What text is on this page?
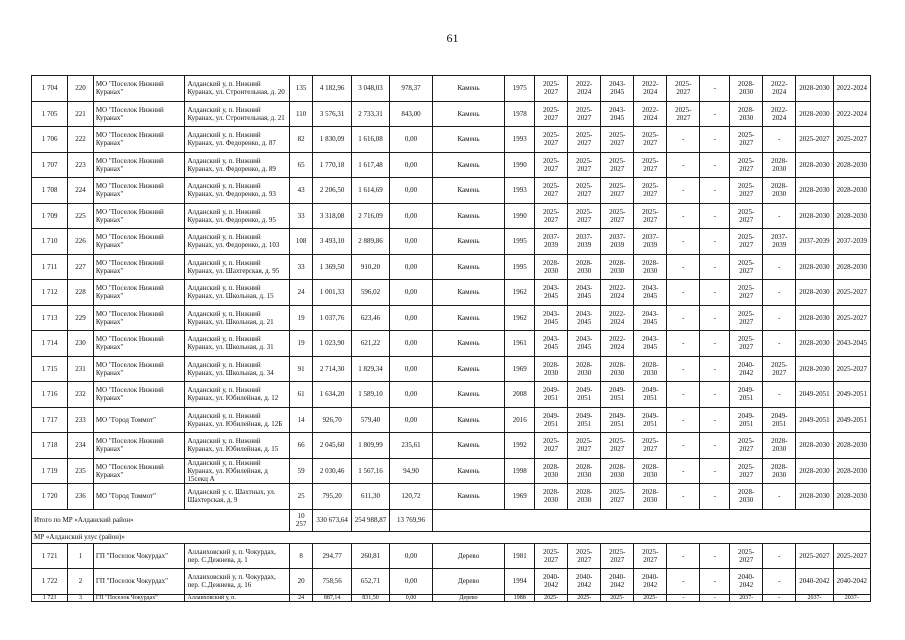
61
1 704	220	МО "Поселок Нижний Куранах"	Алданский у, п. Нижний Куранах, ул. Строительная, д. 20	135	4 182,96	3 048,03	978,37	Камень	1975	2025-2027	2022-2024	2043-2045	2022-2024	2025-2027	-	2028-2030	2022-2024	2028-2030	2022-2024
1 705	221	МО "Поселок Нижний Куранах"	Алданский у, п. Нижний Куранах, ул. Строительная, д. 21	110	3 576,31	2 733,31	843,00	Камень	1978	2025-2027	2025-2027	2043-2045	2022-2024	2025-2027	-	2028-2030	2022-2024	2028-2030	2022-2024
1 706	222	МО "Поселок Нижний Куранах"	Алданский у, п. Нижний Куранах, ул. Федоренко, д. 87	82	1 830,09	1 616,08	0,00	Камень	1993	2025-2027	2025-2027	2025-2027	2025-2027	-	-	2025-2027	-	2025-2027	2025-2027
1 707	223	МО "Поселок Нижний Куранах"	Алданский у, п. Нижний Куранах, ул. Федоренко, д. 89	65	1 770,18	1 617,48	0,00	Камень	1990	2025-2027	2025-2027	2025-2027	2025-2027	-	-	2025-2027	2028-2030	2028-2030	2028-2030
1 708	224	МО "Поселок Нижний Куранах"	Алданский у, п. Нижний Куранах, ул. Федоренко, д. 93	43	2 206,50	1 614,69	0,00	Камень	1993	2025-2027	2025-2027	2025-2027	2025-2027	-	-	2025-2027	2028-2030	2028-2030	2028-2030
1 709	225	МО "Поселок Нижний Куранах"	Алданский у, п. Нижний Куранах, ул. Федоренко, д. 95	33	3 318,08	2 716,09	0,00	Камень	1990	2025-2027	2025-2027	2025-2027	2025-2027	-	-	2025-2027	-	2028-2030	2028-2030
1 710	226	МО "Поселок Нижний Куранах"	Алданский у, п. Нижний Куранах, ул. Федоренко, д. 103	108	3 493,10	2 889,86	0,00	Камень	1995	2037-2039	2037-2039	2037-2039	2037-2039	-	-	2025-2027	2037-2039	2037-2039	2037-2039
1 711	227	МО "Поселок Нижний Куранах"	Алданский у, п. Нижний Куранах, ул. Шахтерская, д. 95	33	1 369,50	910,20	0,00	Камень	1995	2028-2030	2028-2030	2028-2030	2028-2030	-	-	2025-2027	-	2028-2030	2028-2030
1 712	228	МО "Поселок Нижний Куранах"	Алданский у, п. Нижний Куранах, ул. Школьная, д. 15	24	1 001,33	596,02	0,00	Камень	1962	2043-2045	2043-2045	2022-2024	2043-2045	-	-	2025-2027	-	2028-2030	2025-2027
1 713	229	МО "Поселок Нижний Куранах"	Алданский у, п. Нижний Куранах, ул. Школьная, д. 21	19	1 037,76	623,46	0,00	Камень	1962	2043-2045	2043-2045	2022-2024	2043-2045	-	-	2025-2027	-	2028-2030	2025-2027
1 714	230	МО "Поселок Нижний Куранах"	Алданский у, п. Нижний Куранах, ул. Школьная, д. 31	19	1 023,90	621,22	0,00	Камень	1961	2043-2045	2043-2045	2022-2024	2043-2045	-	-	2025-2027	-	2028-2030	2043-2045
1 715	231	МО "Поселок Нижний Куранах"	Алданский у, п. Нижний Куранах, ул. Школьная, д. 34	91	2 714,30	1 829,34	0,00	Камень	1969	2028-2030	2028-2030	2028-2030	2028-2030	-	-	2040-2042	2025-2027	2028-2030	2025-2027
1 716	232	МО "Поселок Нижний Куранах"	Алданский у, п. Нижний Куранах, ул. Юбилейная, д. 12	61	1 634,20	1 589,10	0,00	Камень	2008	2049-2051	2049-2051	2049-2051	2049-2051	-	-	2049-2051	-	2049-2051	2049-2051
1 717	233	МО "Город Томмот"	Алданский у, п. Нижний Куранах, ул. Юбилейная, д. 12Б	14	926,70	579,40	0,00	Камень	2016	2049-2051	2049-2051	2049-2051	2049-2051	-	-	2049-2051	2049-2051	2049-2051	2049-2051
1 718	234	МО "Поселок Нижний Куранах"	Алданский у, п. Нижний Куранах, ул. Юбилейная, д. 15	66	2 045,60	1 809,99	235,61	Камень	1992	2025-2027	2025-2027	2025-2027	2025-2027	-	-	2025-2027	2028-2030	2028-2030	2028-2030
1 719	235	МО "Поселок Нижний Куранах"	Алданский у, п. Нижний Куранах, ул. Юбилейная, д 15секц А	59	2 030,46	1 567,16	94,90	Камень	1998	2028-2030	2028-2030	2028-2030	2028-2030	-	-	2025-2027	2028-2030	2028-2030	2028-2030
1 720	236	МО "Город Томмот"	Алданский у, с. Шахтных, ул. Шахтерская, д. 9	25	795,20	611,30	120,72	Камень	1969	2028-2030	2028-2030	2025-2027	2028-2030	-	-	2028-2030	-	2028-2030	2028-2030
Итого по МР «Алданский район»				10 257	330 673,64	254 988,87	13 769,96												
МР «Алданский улус (район)»																			
1 721	1	ГП "Поселок Чокурдах"	Аллаиховский у, п. Чокурдах, пер. С.Дежнева, д. 1	8	294,77	260,81	0,00	Дерево	1981	2025-2027	2025-2027	2025-2027	2025-2027	-	-	2025-2027	-	2025-2027	2025-2027
1 722	2	ГП "Поселок Чокурдах"	Аллаиховский у, п. Чокурдах, пер. С.Дежнева, д. 16	20	758,56	652,71	0,00	Дерево	1994	2040-2042	2040-2042	2040-2042	2040-2042	-	-	2040-2042	-	2040-2042	2040-2042
1 723	3	ГП "Поселок Чокурдах"	Аллаиховский у, п.	24	887,14	831,50	0,00	Дерево	1988	2025-	2025-	2025-	2025-	-	-	2037-	-	2037-	2037-
